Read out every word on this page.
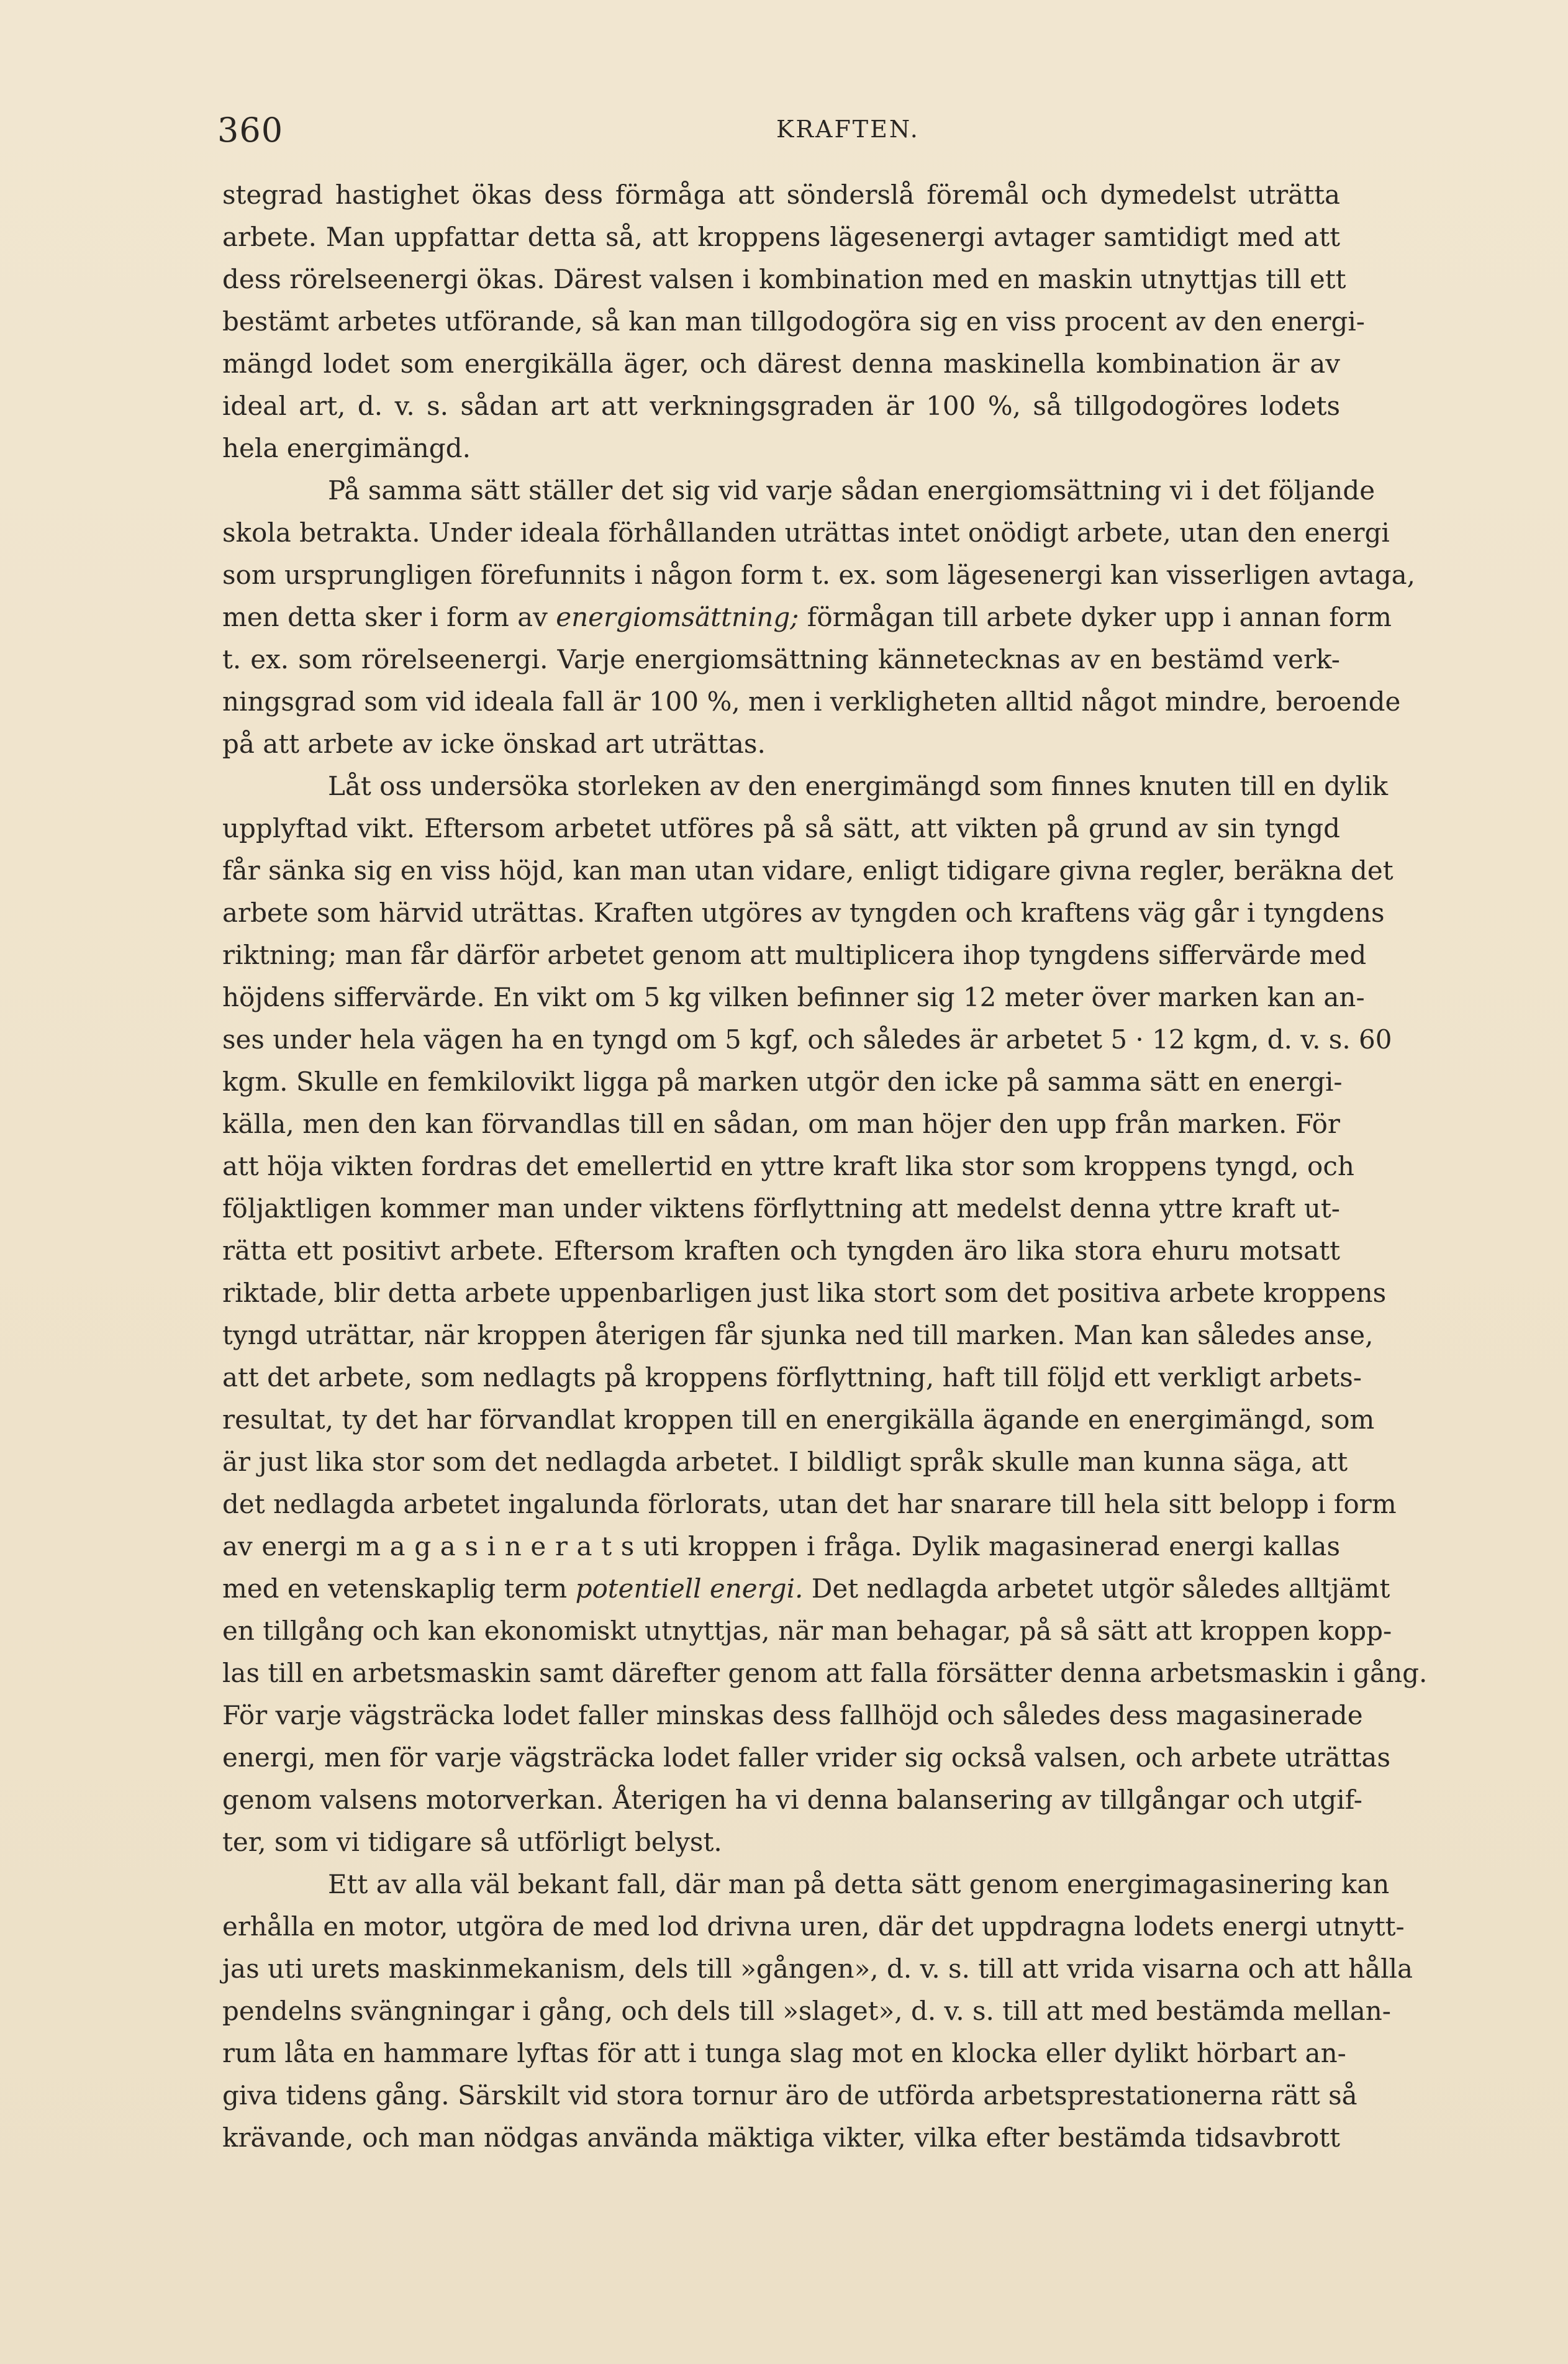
360	KRAFTEN.
stegrad hastighet ökas dess förmåga att sönderslå föremål och dymedelst uträtta
arbete. Man uppfattar detta så, att kroppens lägesenergi avtager samtidigt med att
dess rörelseenergi ökas. Därest valsen i kombination med en maskin utnyttjas till ett
bestämt arbetes utförande, så kan man tillgodogöra sig en viss procent av den energi-
mängd lodet som energikälla äger, och därest denna maskinella kombination är av
ideal art, d. v. s. sådan art att verkningsgraden är 100 %, så tillgodogöres lodets
hela energimängd.
På samma sätt ställer det sig vid varje sådan energiomsättning vi i det följande
skola betrakta. Under ideala förhållanden uträttas intet onödigt arbete, utan den energi
som ursprungligen förefunnits i någon form t. ex. som lägesenergi kan visserligen avtaga,
men detta sker i form av energiomsättning; förmågan till arbete dyker upp i annan form
t. ex. som rörelseenergi. Varje energiomsättning kännetecknas av en bestämd verk-
ningsgrad som vid ideala fall är 100 %, men i verkligheten alltid något mindre, beroende
på att arbete av icke önskad art uträttas.
Låt oss undersöka storleken av den energimängd som finnes knuten till en dylik
upplyftad vikt. Eftersom arbetet utföres på så sätt, att vikten på grund av sin tyngd
får sänka sig en viss höjd, kan man utan vidare, enligt tidigare givna regler, beräkna det
arbete som härvid uträttas. Kraften utgöres av tyngden och kraftens väg går i tyngdens
riktning; man får därför arbetet genom att multiplicera ihop tyngdens siffervärde med
höjdens siffervärde. En vikt om 5 kg vilken befinner sig 12 meter över marken kan an-
ses under hela vägen ha en tyngd om 5 kgf, och således är arbetet 5 · 12 kgm, d. v. s. 60
kgm. Skulle en femkilovikt ligga på marken utgör den icke på samma sätt en energi-
källa, men den kan förvandlas till en sådan, om man höjer den upp från marken. För
att höja vikten fordras det emellertid en yttre kraft lika stor som kroppens tyngd, och
följaktligen kommer man under viktens förflyttning att medelst denna yttre kraft ut-
rätta ett positivt arbete. Eftersom kraften och tyngden äro lika stora ehuru motsatt
riktade, blir detta arbete uppenbarligen just lika stort som det positiva arbete kroppens
tyngd uträttar, när kroppen återigen får sjunka ned till marken. Man kan således anse,
att det arbete, som nedlagts på kroppens förflyttning, haft till följd ett verkligt arbets-
resultat, ty det har förvandlat kroppen till en energikälla ägande en energimängd, som
är just lika stor som det nedlagda arbetet. I bildligt språk skulle man kunna säga, att
det nedlagda arbetet ingalunda förlorats, utan det har snarare till hela sitt belopp i form
av energi m a g a s i n e r a t s uti kroppen i fråga. Dylik magasinerad energi kallas
med en vetenskaplig term potentiell energi. Det nedlagda arbetet utgör således alltjämt
en tillgång och kan ekonomiskt utnyttjas, när man behagar, på så sätt att kroppen kopp-
las till en arbetsmaskin samt därefter genom att falla försätter denna arbetsmaskin i gång.
För varje vägsträcka lodet faller minskas dess fallhöjd och således dess magasinerade
energi, men för varje vägsträcka lodet faller vrider sig också valsen, och arbete uträttas
genom valsens motorverkan. Återigen ha vi denna balansering av tillgångar och utgif-
ter, som vi tidigare så utförligt belyst.
Ett av alla väl bekant fall, där man på detta sätt genom energimagasinering kan
erhålla en motor, utgöra de med lod drivna uren, där det uppdragna lodets energi utnytt-
jas uti urets maskinmekanism, dels till »gången», d. v. s. till att vrida visarna och att hålla
pendelns svängningar i gång, och dels till »slaget», d. v. s. till att med bestämda mellan-
rum låta en hammare lyftas för att i tunga slag mot en klocka eller dylikt hörbart an-
giva tidens gång. Särskilt vid stora tornur äro de utförda arbetsprestationerna rätt så
krävande, och man nödgas använda mäktiga vikter, vilka efter bestämda tidsavbrott
